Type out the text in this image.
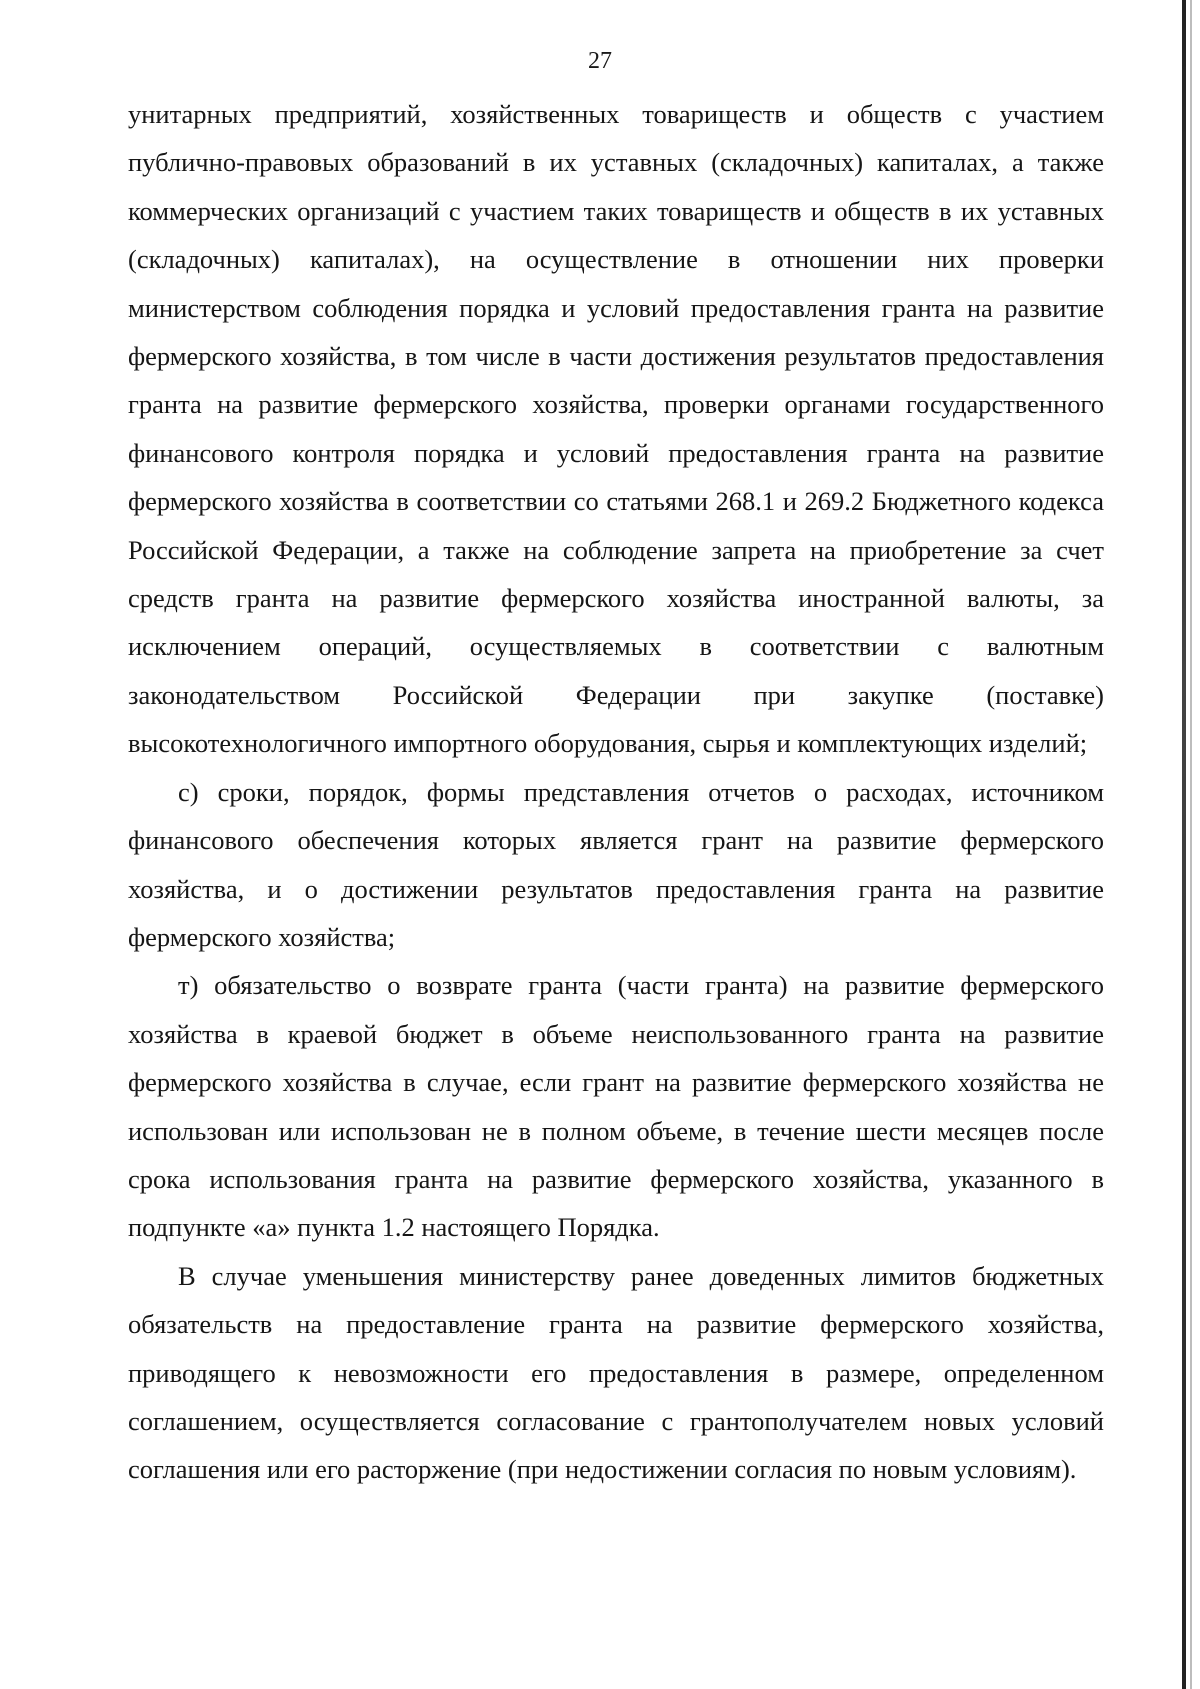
27

унитарных предприятий, хозяйственных товариществ и обществ с участием публично-правовых образований в их уставных (складочных) капиталах, а также коммерческих организаций с участием таких товариществ и обществ в их уставных (складочных) капиталах), на осуществление в отношении них проверки министерством соблюдения порядка и условий предоставления гранта на развитие фермерского хозяйства, в том числе в части достижения результатов предоставления гранта на развитие фермерского хозяйства, проверки органами государственного финансового контроля порядка и условий предоставления гранта на развитие фермерского хозяйства в соответствии со статьями 268.1 и 269.2 Бюджетного кодекса Российской Федерации, а также на соблюдение запрета на приобретение за счет средств гранта на развитие фермерского хозяйства иностранной валюты, за исключением операций, осуществляемых в соответствии с валютным законодательством Российской Федерации при закупке (поставке) высокотехнологичного импортного оборудования, сырья и комплектующих изделий;

с) сроки, порядок, формы представления отчетов о расходах, источником финансового обеспечения которых является грант на развитие фермерского хозяйства, и о достижении результатов предоставления гранта на развитие фермерского хозяйства;

т) обязательство о возврате гранта (части гранта) на развитие фермерского хозяйства в краевой бюджет в объеме неиспользованного гранта на развитие фермерского хозяйства в случае, если грант на развитие фермерского хозяйства не использован или использован не в полном объеме, в течение шести месяцев после срока использования гранта на развитие фермерского хозяйства, указанного в подпункте «а» пункта 1.2 настоящего Порядка.

В случае уменьшения министерству ранее доведенных лимитов бюджетных обязательств на предоставление гранта на развитие фермерского хозяйства, приводящего к невозможности его предоставления в размере, определенном соглашением, осуществляется согласование с грантополучателем новых условий соглашения или его расторжение (при недостижении согласия по новым условиям).
